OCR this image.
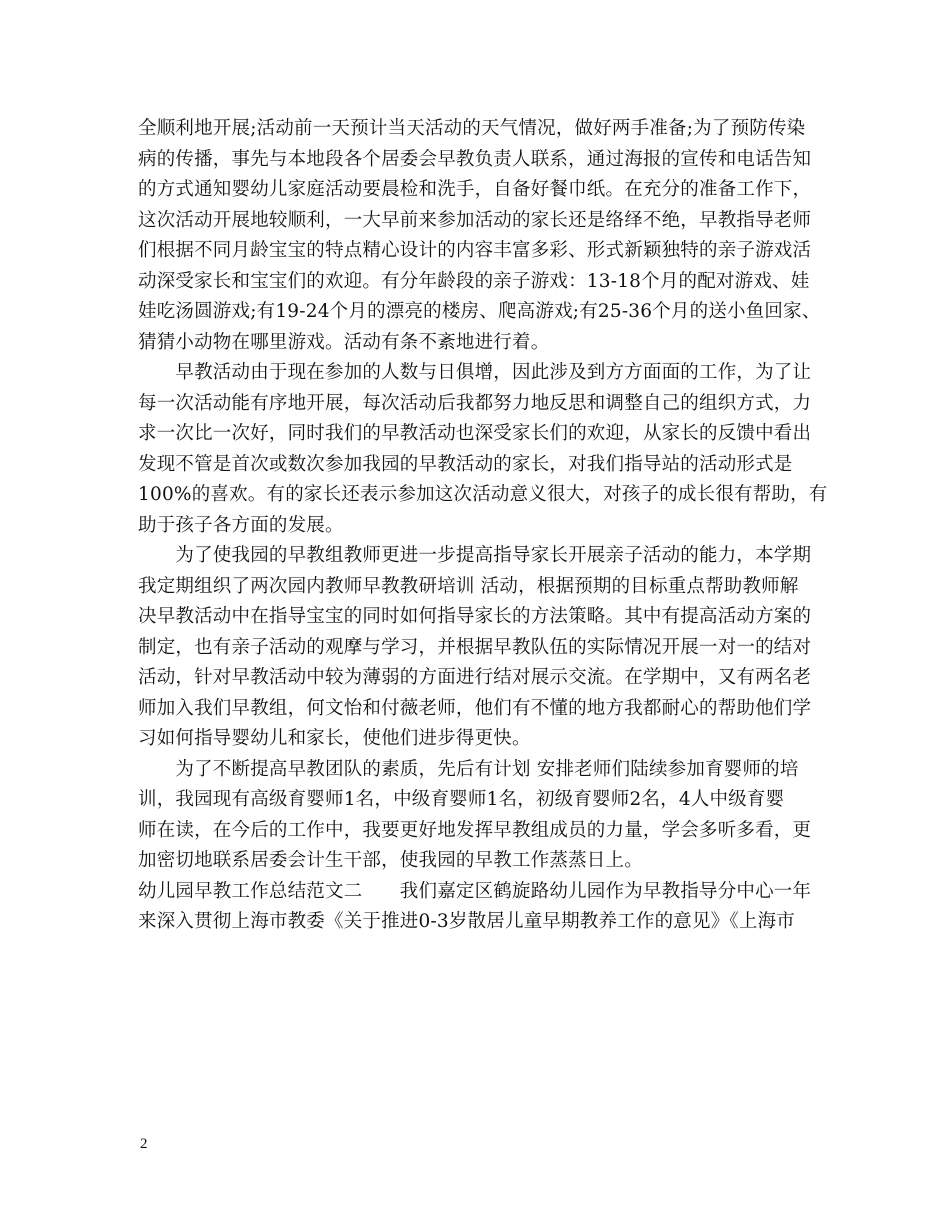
全顺利地开展;活动前一天预计当天活动的天气情况，做好两手准备;为了预防传染
病的传播，事先与本地段各个居委会早教负责人联系，通过海报的宣传和电话告知
的方式通知婴幼儿家庭活动要晨检和洗手，自备好餐巾纸。在充分的准备工作下，
这次活动开展地较顺利，一大早前来参加活动的家长还是络绎不绝，早教指导老师
们根据不同月龄宝宝的特点精心设计的内容丰富多彩、形式新颖独特的亲子游戏活
动深受家长和宝宝们的欢迎。有分年龄段的亲子游戏：13-18个月的配对游戏、娃
娃吃汤圆游戏;有19-24个月的漂亮的楼房、爬高游戏;有25-36个月的送小鱼回家、
猜猜小动物在哪里游戏。活动有条不紊地进行着。
　　早教活动由于现在参加的人数与日俱增，因此涉及到方方面面的工作，为了让
每一次活动能有序地开展，每次活动后我都努力地反思和调整自己的组织方式，力
求一次比一次好，同时我们的早教活动也深受家长们的欢迎，从家长的反馈中看出
发现不管是首次或数次参加我园的早教活动的家长，对我们指导站的活动形式是
100%的喜欢。有的家长还表示参加这次活动意义很大，对孩子的成长很有帮助，有
助于孩子各方面的发展。
　　为了使我园的早教组教师更进一步提高指导家长开展亲子活动的能力，本学期
我定期组织了两次园内教师早教教研培训 活动，根据预期的目标重点帮助教师解
决早教活动中在指导宝宝的同时如何指导家长的方法策略。其中有提高活动方案的
制定，也有亲子活动的观摩与学习，并根据早教队伍的实际情况开展一对一的结对
活动，针对早教活动中较为薄弱的方面进行结对展示交流。在学期中，又有两名老
师加入我们早教组，何文怡和付薇老师，他们有不懂的地方我都耐心的帮助他们学
习如何指导婴幼儿和家长，使他们进步得更快。
　　为了不断提高早教团队的素质，先后有计划 安排老师们陆续参加育婴师的培
训，我园现有高级育婴师1名，中级育婴师1名，初级育婴师2名，4人中级育婴
师在读，在今后的工作中，我要更好地发挥早教组成员的力量，学会多听多看，更
加密切地联系居委会计生干部，使我园的早教工作蒸蒸日上。
幼儿园早教工作总结范文二　　我们嘉定区鹤旋路幼儿园作为早教指导分中心一年
来深入贯彻上海市教委《关于推进0-3岁散居儿童早期教养工作的意见》《上海市
2
